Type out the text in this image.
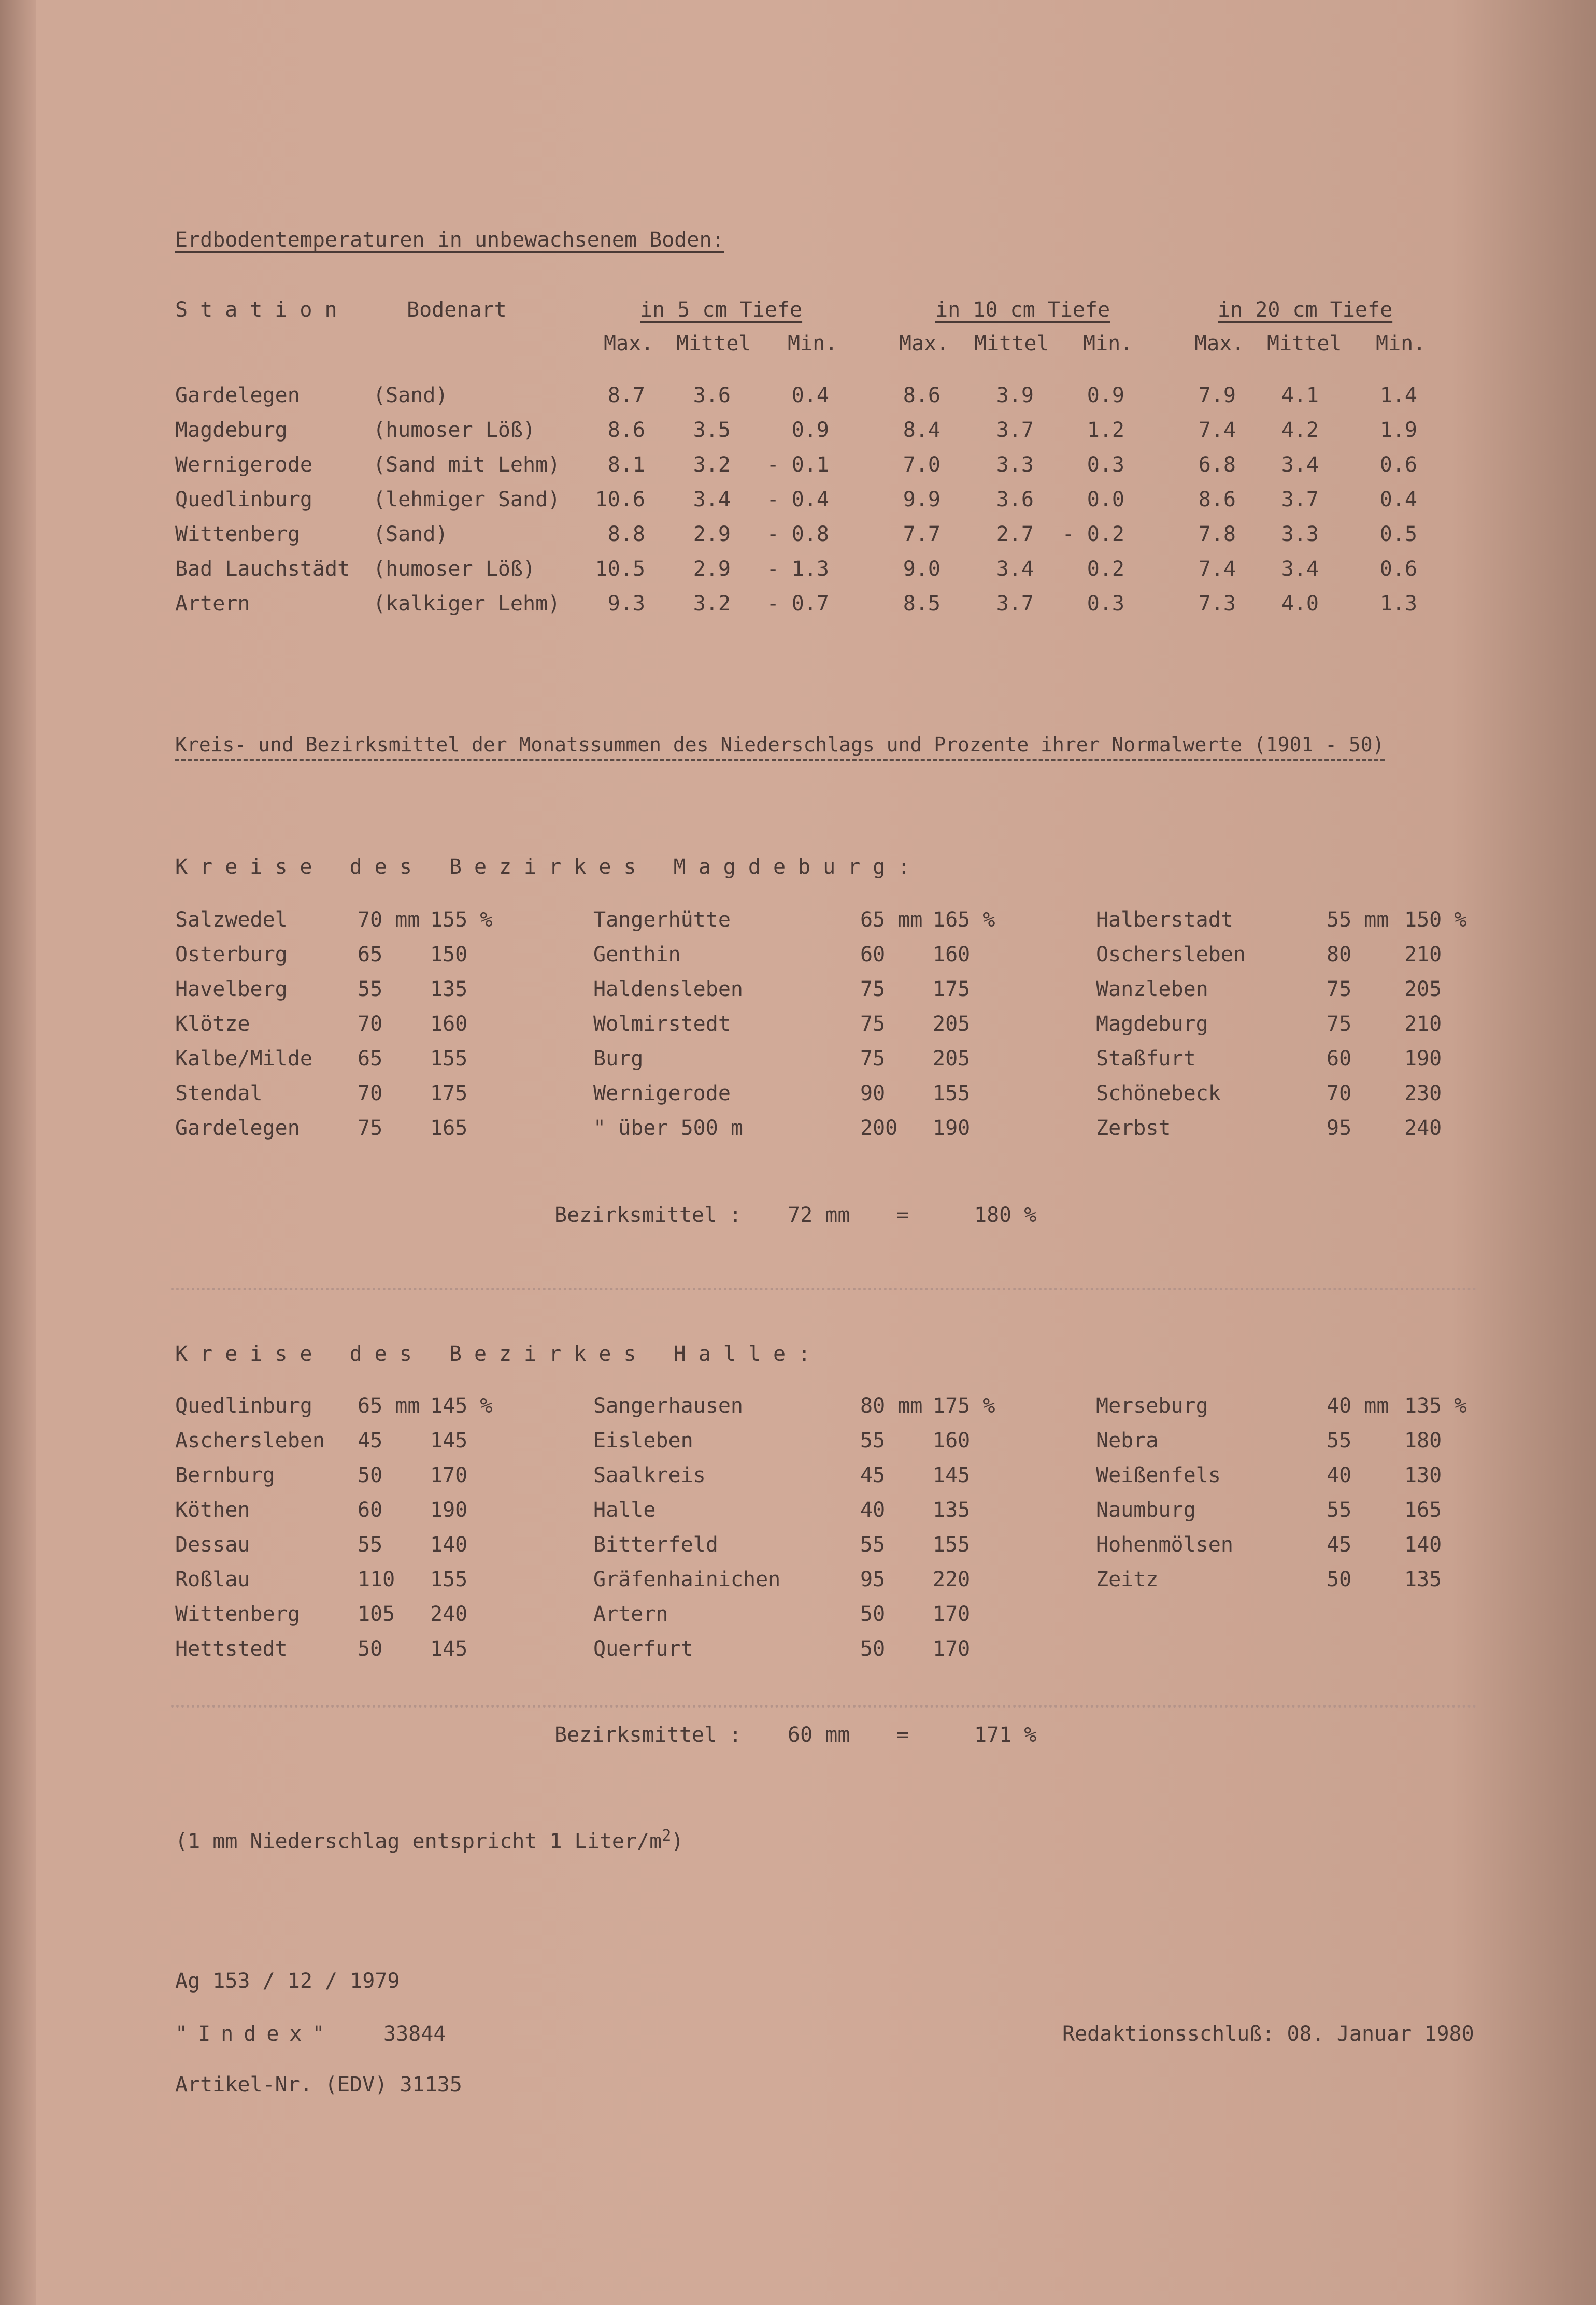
Erdbodentemperaturen in unbewachsenem Boden:
Station	Bodenart	in 5 cm Tiefe	in 10 cm Tiefe	in 20 cm Tiefe
Max. Mittel Min.	Max. Mittel Min.	Max. Mittel Min.
Gardelegen	(Sand)	8.7 3.6	0.4	8.6	3.9	0.9	7.9 4.1	1.4
Magdeburg	(humoser Löß)	8.6 3.5	0.9	8.4	3.7	1.2	7.4 4.2	1.9
Wernigerode	(Sand mit Lehm) 8.1 3.2 - 0.1	7.0	3.3	0.3	6.8 3.4	0.6
Quedlinburg	(lehmiger Sand) 10.6 3.4 - 0.4	9.9	3.6	0.0	8.6 3.7	0.4
Wittenberg	(Sand)	8.8 2.9 - 0.8	7.7	2.7 - 0.2	7.8 3.3	0.5
Bad Lauchstädt (humoser Löß)	10.5 2.9 - 1.3	9.0	3.4	0.2	7.4 3.4	0.6
Artern	(kalkiger Lehm) 9.3 3.2 - 0.7	8.5	3.7	0.3	7.3 4.0	1.3
Kreis- und Bezirksmittel der Monatssummen des Niederschlags und Prozente ihrer Normalwerte (1901 - 50)
Kreise des Bezirkes Magdeburg:
Salzwedel	70 mm 155 %
Osterburg	65 150
Havelberg	55 135
Klötze	70 160
Kalbe/Milde 65 155
Stendal	70 175
Gardelegen	75 165
Tangerhütte	65 mm 165 %
Genthin	60 160
Haldensleben	75 175
Wolmirstedt	75 205
Burg	75 205
Wernigerode	90 155
" über 500 m	200 190
Halberstadt	55 mm 150 %
Oschersleben	80	210
Wanzleben	75	205
Magdeburg	75	210
Staßfurt	60	190
Schönebeck	70	230
Zerbst	95	240
Bezirksmittel : 72 mm =	180 %
Kreise des Bezirkes Halle:
Quedlinburg 65 mm 145 %
Aschersleben 45 145
Bernburg	50 170
Köthen	60 190
Dessau	55 140
Roßlau	110 155
Wittenberg	105 240
Hettstedt	50 145
Sangerhausen	80 mm 175 %
Eisleben	55 160
Saalkreis	45 145
Halle	40 135
Bitterfeld	55 155
Gräfenhainichen	95 220
Artern	50 170
Querfurt	50 170
Merseburg	40 mm 135 %
Nebra	55	180
Weißenfels	40	130
Naumburg	55	165
Hohenmölsen	45	140
Zeitz	50	135
Bezirksmittel : 60 mm =	171 %
(1 mm Niederschlag entspricht 1 Liter/$m^2$)
Ag 153 / 12 / 1979
"Index" 33844	Redaktionsschluß: 08. Januar 1980
Artikel-Nr. (EDV) 31135
